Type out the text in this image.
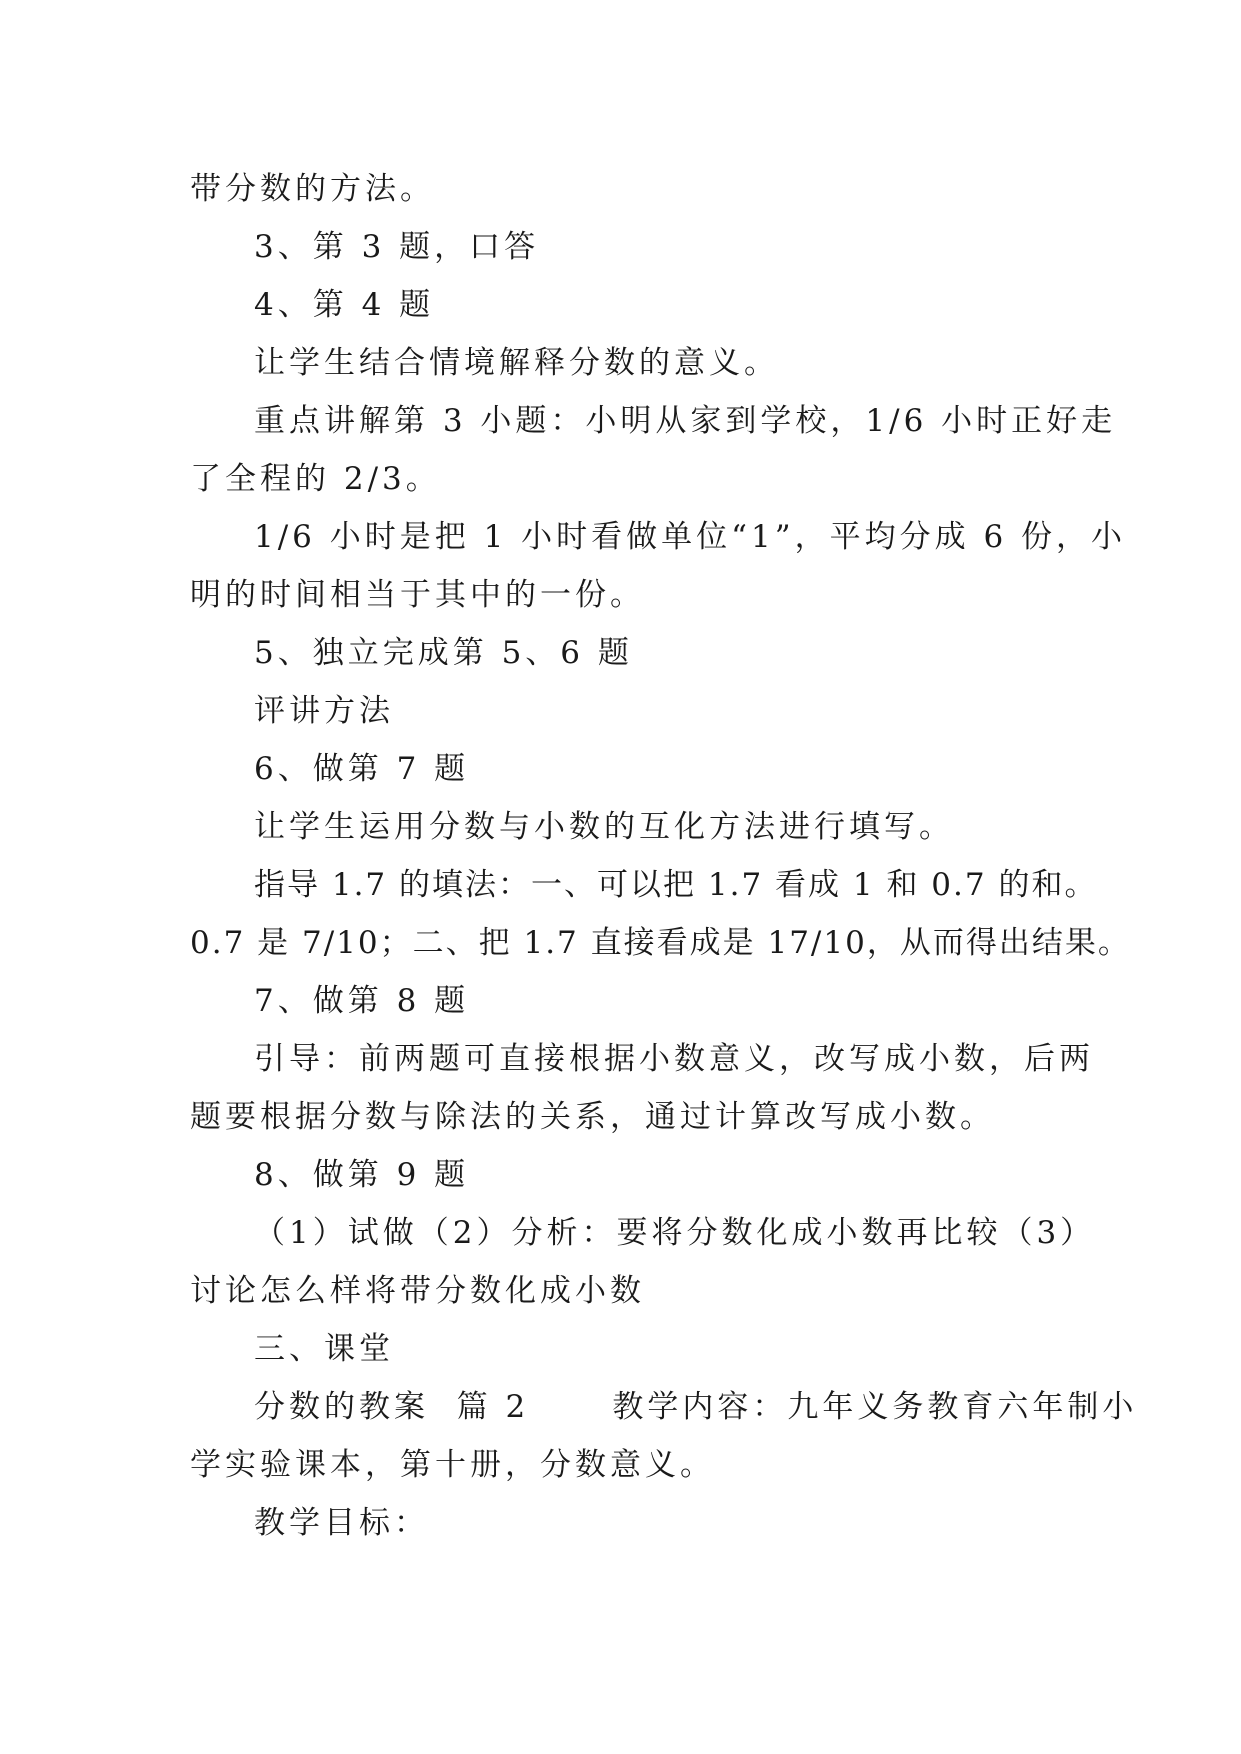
带分数的方法。
3、第 3 题，口答
4、第 4 题
让学生结合情境解释分数的意义。
重点讲解第 3 小题：小明从家到学校，1/6 小时正好走
了全程的 2/3。
1/6 小时是把 1 小时看做单位“1”，平均分成 6 份，小
明的时间相当于其中的一份。
5、独立完成第 5、6 题
评讲方法
6、做第 7 题
让学生运用分数与小数的互化方法进行填写。
指导 1.7 的填法：一、可以把 1.7 看成 1 和 0.7 的和。
0.7 是 7/10；二、把 1.7 直接看成是 17/10，从而得出结果。
7、做第 8 题
引导：前两题可直接根据小数意义，改写成小数，后两
题要根据分数与除法的关系，通过计算改写成小数。
8、做第 9 题
（1）试做（2）分析：要将分数化成小数再比较（3）
讨论怎么样将带分数化成小数
三、课堂
分数的教案  篇 2      教学内容：九年义务教育六年制小
学实验课本，第十册，分数意义。
教学目标：
